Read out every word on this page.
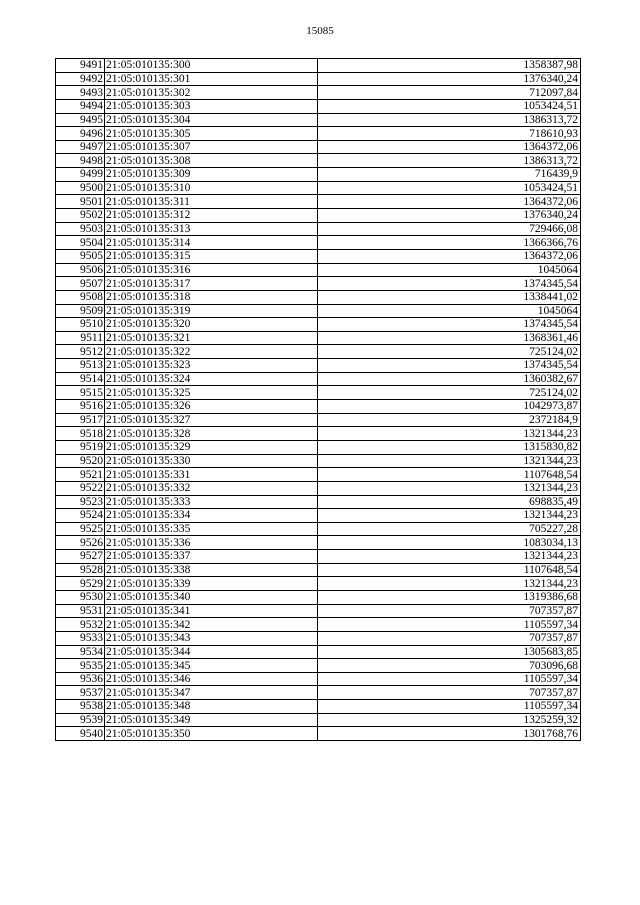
15085
9491	21:05:010135:300	1358387,98
9492	21:05:010135:301	1376340,24
9493	21:05:010135:302	712097,84
9494	21:05:010135:303	1053424,51
9495	21:05:010135:304	1386313,72
9496	21:05:010135:305	718610,93
9497	21:05:010135:307	1364372,06
9498	21:05:010135:308	1386313,72
9499	21:05:010135:309	716439,9
9500	21:05:010135:310	1053424,51
9501	21:05:010135:311	1364372,06
9502	21:05:010135:312	1376340,24
9503	21:05:010135:313	729466,08
9504	21:05:010135:314	1366366,76
9505	21:05:010135:315	1364372,06
9506	21:05:010135:316	1045064
9507	21:05:010135:317	1374345,54
9508	21:05:010135:318	1338441,02
9509	21:05:010135:319	1045064
9510	21:05:010135:320	1374345,54
9511	21:05:010135:321	1368361,46
9512	21:05:010135:322	725124,02
9513	21:05:010135:323	1374345,54
9514	21:05:010135:324	1360382,67
9515	21:05:010135:325	725124,02
9516	21:05:010135:326	1042973,87
9517	21:05:010135:327	2372184,9
9518	21:05:010135:328	1321344,23
9519	21:05:010135:329	1315830,82
9520	21:05:010135:330	1321344,23
9521	21:05:010135:331	1107648,54
9522	21:05:010135:332	1321344,23
9523	21:05:010135:333	698835,49
9524	21:05:010135:334	1321344,23
9525	21:05:010135:335	705227,28
9526	21:05:010135:336	1083034,13
9527	21:05:010135:337	1321344,23
9528	21:05:010135:338	1107648,54
9529	21:05:010135:339	1321344,23
9530	21:05:010135:340	1319386,68
9531	21:05:010135:341	707357,87
9532	21:05:010135:342	1105597,34
9533	21:05:010135:343	707357,87
9534	21:05:010135:344	1305683,85
9535	21:05:010135:345	703096,68
9536	21:05:010135:346	1105597,34
9537	21:05:010135:347	707357,87
9538	21:05:010135:348	1105597,34
9539	21:05:010135:349	1325259,32
9540	21:05:010135:350	1301768,76
